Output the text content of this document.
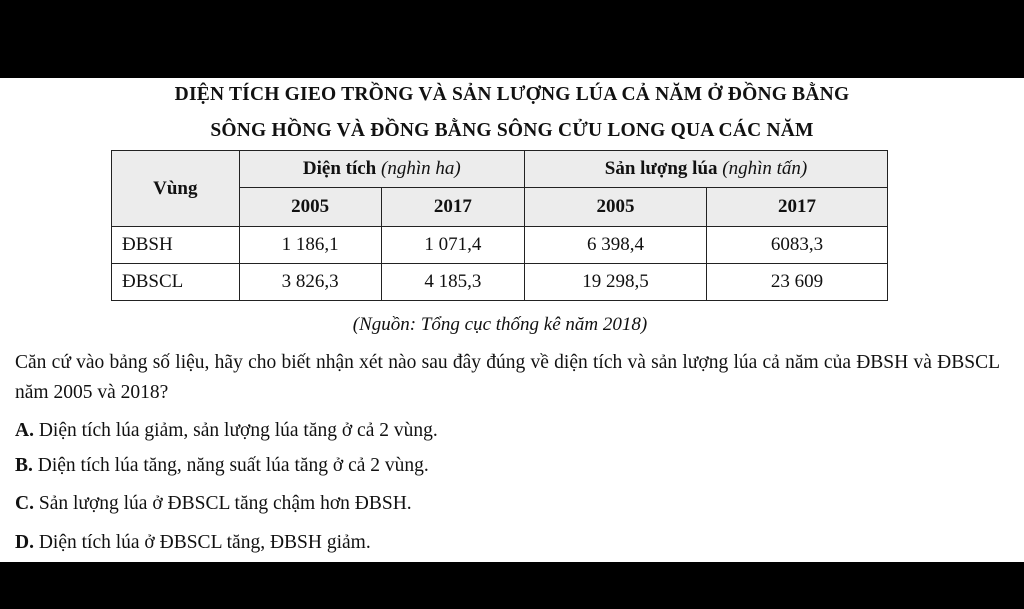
DIỆN TÍCH GIEO TRỒNG VÀ SẢN LƯỢNG LÚA CẢ NĂM Ở ĐỒNG BẰNG
SÔNG HỒNG VÀ ĐỒNG BẰNG SÔNG CỬU LONG QUA CÁC NĂM
Vùng	Diện tích (nghìn ha)		Sản lượng lúa (nghìn tấn)	
	2005	2017	2005	2017
ĐBSH	1 186,1	1 071,4	6 398,4	6083,3
ĐBSCL	3 826,3	4 185,3	19 298,5	23 609
(Nguồn: Tổng cục thống kê năm 2018)
Căn cứ vào bảng số liệu, hãy cho biết nhận xét nào sau đây đúng về diện tích và sản lượng lúa cả năm của ĐBSH và ĐBSCL năm 2005 và 2018?
A. Diện tích lúa giảm, sản lượng lúa tăng ở cả 2 vùng.
B. Diện tích lúa tăng, năng suất lúa tăng ở cả 2 vùng.
C. Sản lượng lúa ở ĐBSCL tăng chậm hơn ĐBSH.
D. Diện tích lúa ở ĐBSCL tăng, ĐBSH giảm.
